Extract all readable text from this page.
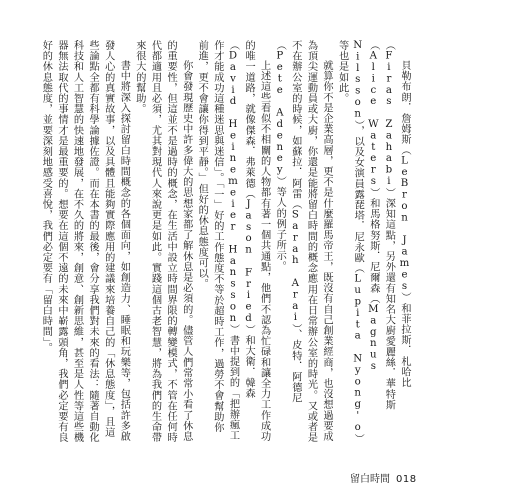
貝勒布朗．詹姆斯（LeBron James）和菲拉斯．札哈比（Firas Zahabi）深知這點，另外還有知名大廚愛麗絲．華特斯（Alice Waters）和馬格努斯．尼爾森（Magnus Nilsson），以及女演員露琵塔．尼永歐（Lupita Nyong'o）等也是如此。

就算你不是企業高層，更不是什麼羅馬帝王，既沒有自己創業經商，也沒想過要成為頂尖運動員或大廚，你還是能將留白時間的概念應用在日常辦公室的時光。又或者是不在辦公室的時候，如蘇拉．阿雷（Sarah Arai）、皮特．阿德尼（Pete Adeney）等人的例子所示。

上述這些看似不相關的人物都有著一個共通點，他們不認為忙碌和讓全力工作成功的唯一道路，就像傑森．弗萊德（Jason Fried）和大衛．韓森（David Heinemeier Hansson）書中提到的「把辦瘋工作才能成功這種迷思與迷信」。「一」好的工作態度不等於超時工作，過勞不會幫助你前進，更不會讓你得到平靜。」但好的休息態度可以。

你會發現歷史中許多偉大的思想家都了解休息是必須的。儘管人們常常小看了休息的重要性，但這並不是過時的概念，在生活中設立時間界限的轉變模式，不管在任何時代都適用且必須，尤其對現代人來說更是如此。實踐這個古老智慧，將為我們的生命帶來很大的幫助。

書中將深入探討留白時間概念的各個面向，如創造力、睡眠和玩樂等，包括許多啟發人心的真實故事，以及具體且能夠實際應用的建議來培養自己的「休息態度」，且這些論點全都有科學論據佐證。而在本書的最後，會分享我們對未來的看法：隨著自動化科技和人工智慧的快速地發展，在不久的將來，創意、創新思維，甚至是人性等這些機器無法取代的事情才是最重要的。想要在這個不遠的未來中嶄露頭角，我們必定要有良好的休息態度，並要深刻地感受喜悅，我們必定要有「留白時間」。

留白時間 018
